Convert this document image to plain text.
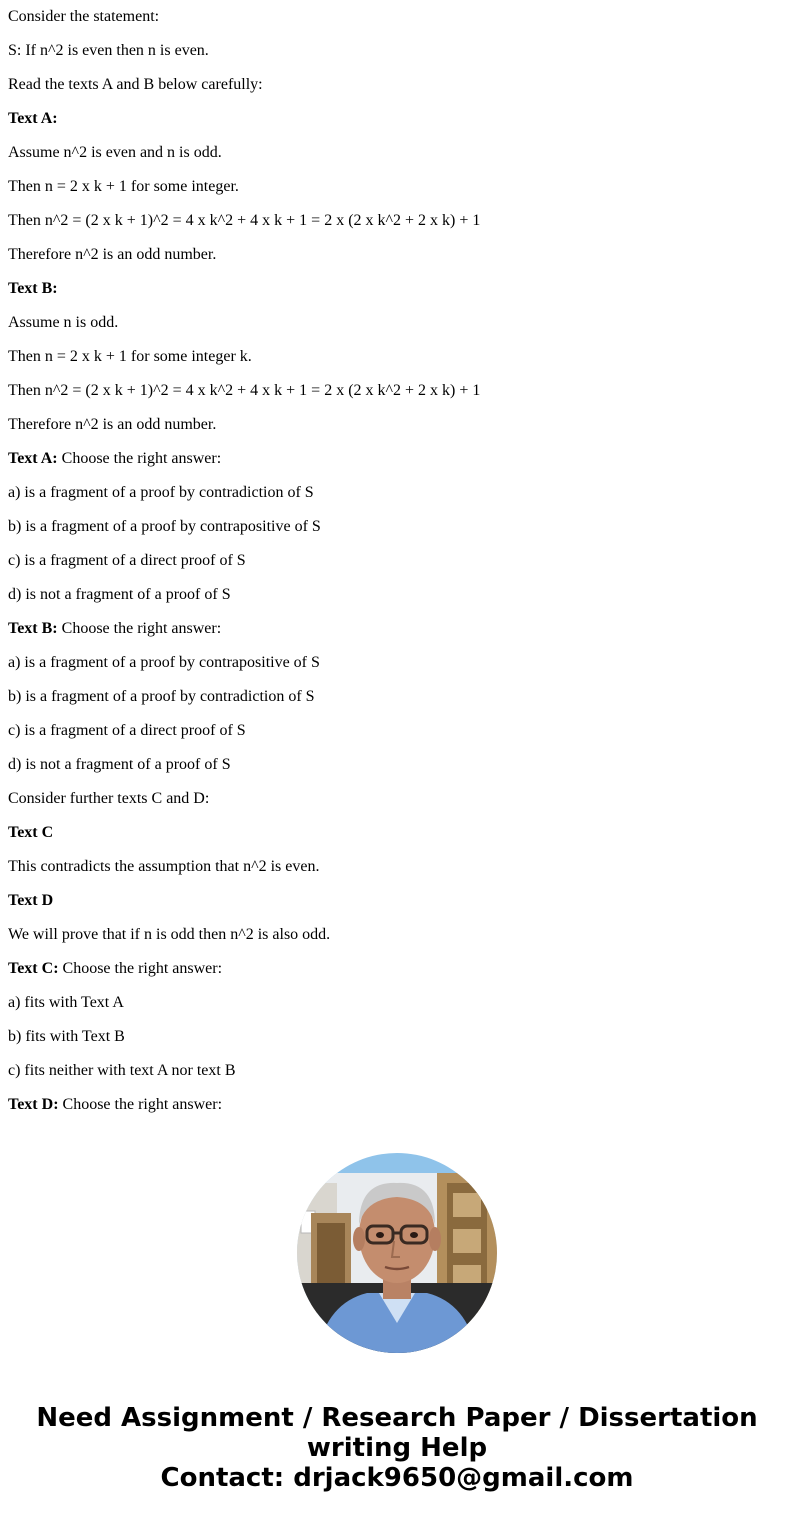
Consider the statement:
S: If n^2 is even then n is even.
Read the texts A and B below carefully:
Text A:
Assume n^2 is even and n is odd.
Then n = 2 x k + 1 for some integer.
Then n^2 = (2 x k + 1)^2 = 4 x k^2 + 4 x k + 1 = 2 x (2 x k^2 + 2 x k) + 1
Therefore n^2 is an odd number.
Text B:
Assume n is odd.
Then n = 2 x k + 1 for some integer k.
Then n^2 = (2 x k + 1)^2 = 4 x k^2 + 4 x k + 1 = 2 x (2 x k^2 + 2 x k) + 1
Therefore n^2 is an odd number.
Text A: Choose the right answer:
a) is a fragment of a proof by contradiction of S
b) is a fragment of a proof by contrapositive of S
c) is a fragment of a direct proof of S
d) is not a fragment of a proof of S
Text B: Choose the right answer:
a) is a fragment of a proof by contrapositive of S
b) is a fragment of a proof by contradiction of S
c) is a fragment of a direct proof of S
d) is not a fragment of a proof of S
Consider further texts C and D:
Text C
This contradicts the assumption that n^2 is even.
Text D
We will prove that if n is odd then n^2 is also odd.
Text C: Choose the right answer:
a) fits with Text A
b) fits with Text B
c) fits neither with text A nor text B
Text D: Choose the right answer:
Need Assignment / Research Paper / Dissertation
writing Help
Contact: drjack9650@gmail.com
